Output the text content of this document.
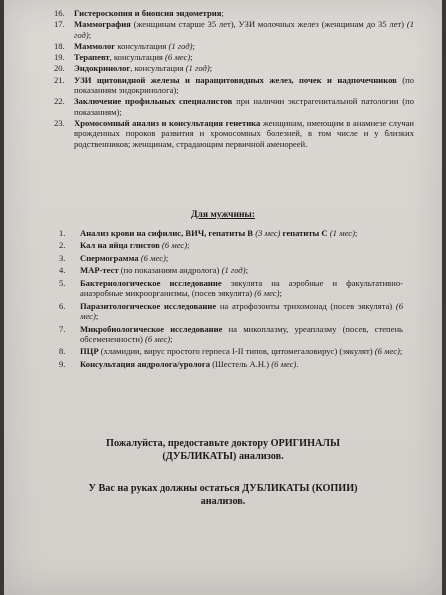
16. Гистероскопия и биопсия эндометрия;
17. Маммография (женщинам старше 35 лет), УЗИ молочных желез (женщинам до 35 лет) (1 год);
18. Маммолог консультация (1 год);
19. Терапевт, консультация (6 мес);
20. Эндокринолог, консультация (1 год);
21. УЗИ щитовидной железы и паращитовидных желез, почек и надпочечников (по показаниям эндокринолога);
22. Заключение профильных специалистов при наличии экстрагенитальной патологии (по показаниям);
23. Хромосомный анализ и консультация генетика женщинам, имеющим в анамнезе случаи врожденных пороков развития и хромосомных болезней, в том числе и у близких родственников; женщинам, страдающим первичной аменореей.
Для мужчины:
1. Анализ крови на сифилис, ВИЧ, гепатиты В (3 мес) гепатиты С (1 мес);
2. Кал на яйца глистов (6 мес);
3. Спермограмма (6 мес);
4. MAP-тест (по показаниям андролога) (1 год);
5. Бактериологическое исследование эякулята на аэробные и факультативно-анаэробные микроорганизмы, (посев эякулята) (6 мес);
6. Паразитологическое исследование на атрофозоиты трихомонад (посев эякулята) (6 мес);
7. Микробиологическое исследование на микоплазму, уреаплазму (посев, степень обсемененности) (6 мес);
8. ПЦР (хламидии, вирус простого герпеса I-II типов, цитомегаловирус) (эякулят) (6 мес);
9. Консультация андролога/уролога (Шестель А.Н.) (6 мес).
Пожалуйста, предоставьте доктору ОРИГИНАЛЫ
(ДУБЛИКАТЫ) анализов.
У Вас на руках должны остаться ДУБЛИКАТЫ (КОПИИ)
анализов.
